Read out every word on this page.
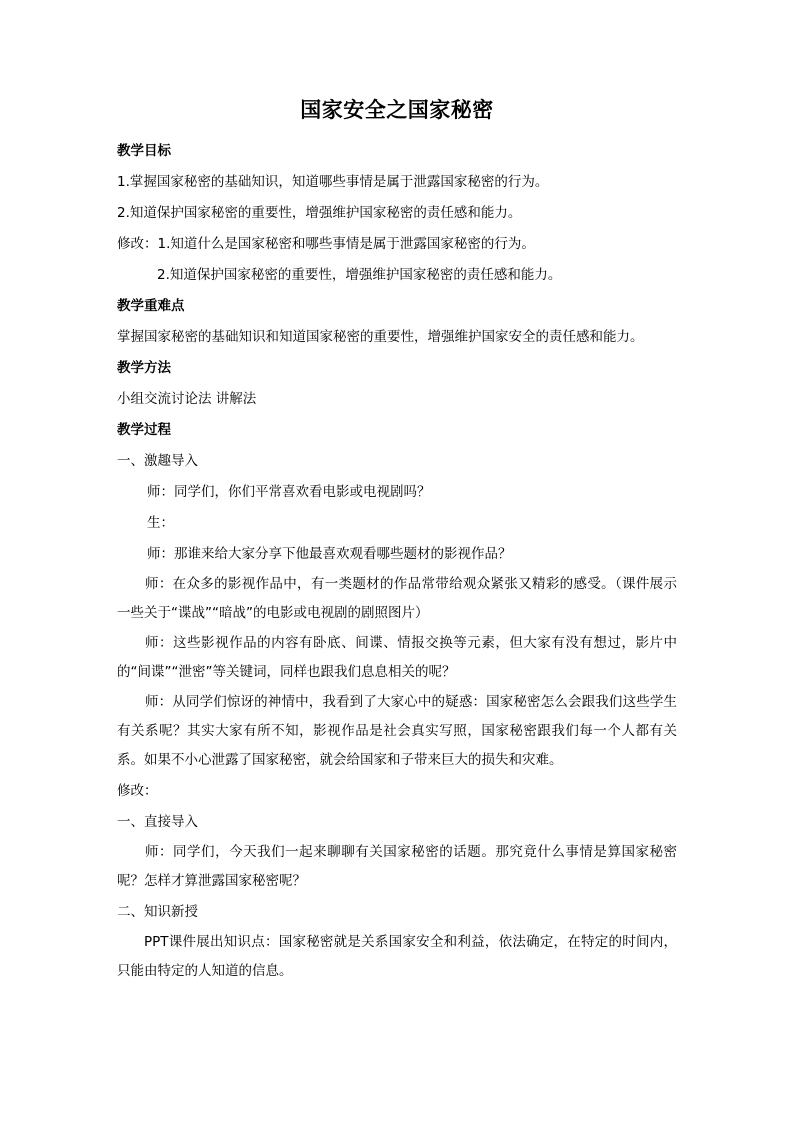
国家安全之国家秘密

教学目标

1.掌握国家秘密的基础知识，知道哪些事情是属于泄露国家秘密的行为。

2.知道保护国家秘密的重要性，增强维护国家秘密的责任感和能力。

修改：1.知道什么是国家秘密和哪些事情是属于泄露国家秘密的行为。

2.知道保护国家秘密的重要性，增强维护国家秘密的责任感和能力。

教学重难点

掌握国家秘密的基础知识和知道国家秘密的重要性，增强维护国家安全的责任感和能力。

教学方法

小组交流讨论法 讲解法

教学过程

一、激趣导入

师：同学们，你们平常喜欢看电影或电视剧吗？

生：

师：那谁来给大家分享下他最喜欢观看哪些题材的影视作品？

师：在众多的影视作品中，有一类题材的作品常带给观众紧张又精彩的感受。（课件展示一些关于“谍战”“暗战”的电影或电视剧的剧照图片）

师：这些影视作品的内容有卧底、间谍、情报交换等元素，但大家有没有想过，影片中的“间谍”“泄密”等关键词，同样也跟我们息息相关的呢？

师：从同学们惊讶的神情中，我看到了大家心中的疑惑：国家秘密怎么会跟我们这些学生有关系呢？其实大家有所不知，影视作品是社会真实写照，国家秘密跟我们每一个人都有关系。如果不小心泄露了国家秘密，就会给国家和子带来巨大的损失和灾难。

修改：

一、直接导入

师：同学们，今天我们一起来聊聊有关国家秘密的话题。那究竟什么事情是算国家秘密呢？怎样才算泄露国家秘密呢？

二、知识新授

PPT课件展出知识点：国家秘密就是关系国家安全和利益，依法确定，在特定的时间内，只能由特定的人知道的信息。
